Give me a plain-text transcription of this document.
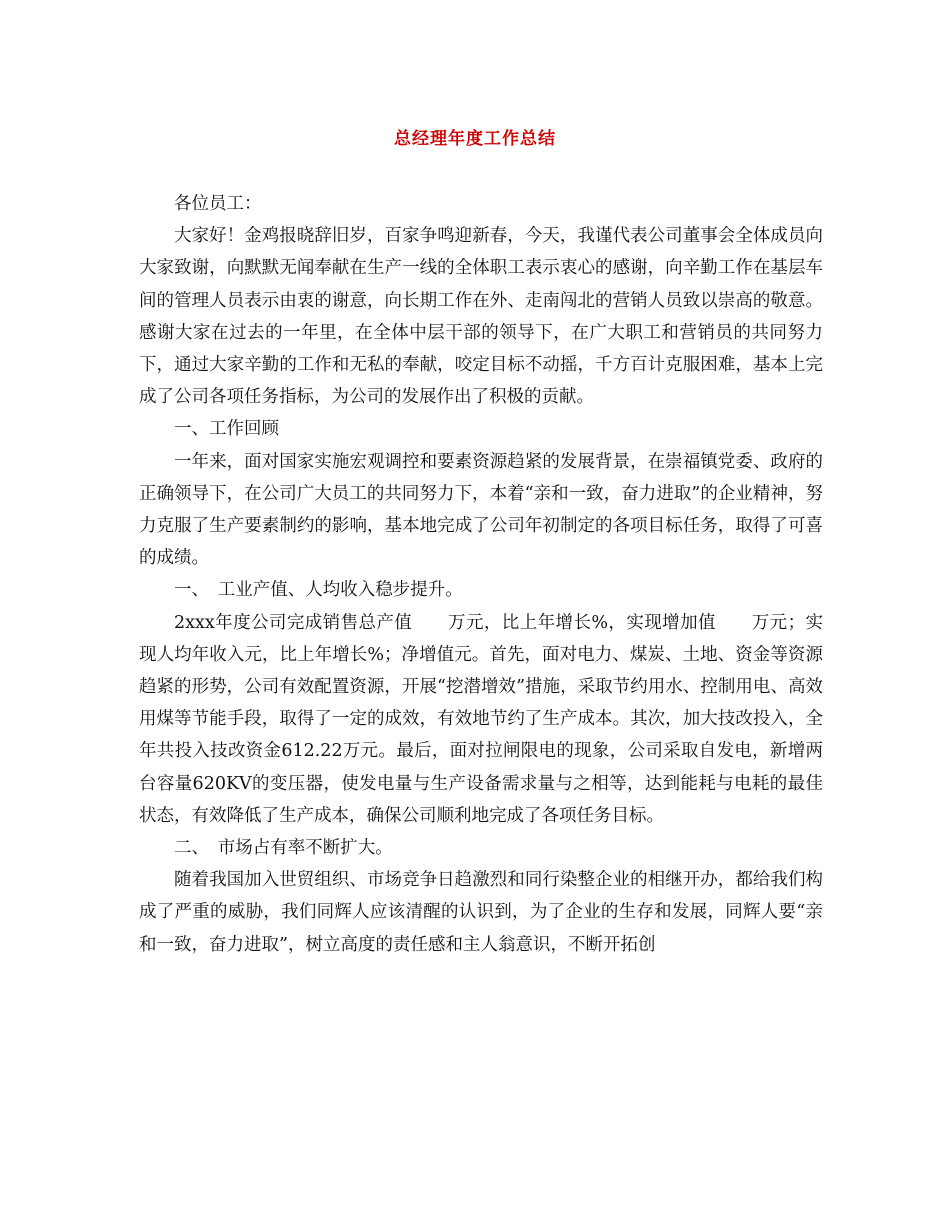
总经理年度工作总结

各位员工：

大家好！金鸡报晓辞旧岁，百家争鸣迎新春，今天，我谨代表公司董事会全体成员向大家致谢，向默默无闻奉献在生产一线的全体职工表示衷心的感谢，向辛勤工作在基层车间的管理人员表示由衷的谢意，向长期工作在外、走南闯北的营销人员致以崇高的敬意。感谢大家在过去的一年里，在全体中层干部的领导下，在广大职工和营销员的共同努力下，通过大家辛勤的工作和无私的奉献，咬定目标不动摇，千方百计克服困难，基本上完成了公司各项任务指标，为公司的发展作出了积极的贡献。

一、工作回顾

一年来，面对国家实施宏观调控和要素资源趋紧的发展背景，在崇福镇党委、政府的正确领导下，在公司广大员工的共同努力下，本着“亲和一致，奋力进取”的企业精神，努力克服了生产要素制约的影响，基本地完成了公司年初制定的各项目标任务，取得了可喜的成绩。

一、　工业产值、人均收入稳步提升。

2xxx年度公司完成销售总产值　　万元，比上年增长%，实现增加值　　万元；实现人均年收入元，比上年增长%；净增值元。首先，面对电力、煤炭、土地、资金等资源趋紧的形势，公司有效配置资源，开展“挖潜增效”措施，采取节约用水、控制用电、高效用煤等节能手段，取得了一定的成效，有效地节约了生产成本。其次，加大技改投入，全年共投入技改资金612.22万元。最后，面对拉闸限电的现象，公司采取自发电，新增两台容量620KV的变压器，使发电量与生产设备需求量与之相等，达到能耗与电耗的最佳状态，有效降低了生产成本，确保公司顺利地完成了各项任务目标。

二、　市场占有率不断扩大。

随着我国加入世贸组织、市场竞争日趋激烈和同行染整企业的相继开办，都给我们构成了严重的威胁，我们同辉人应该清醒的认识到，为了企业的生存和发展，同辉人要“亲和一致，奋力进取”，树立高度的责任感和主人翁意识，不断开拓创
